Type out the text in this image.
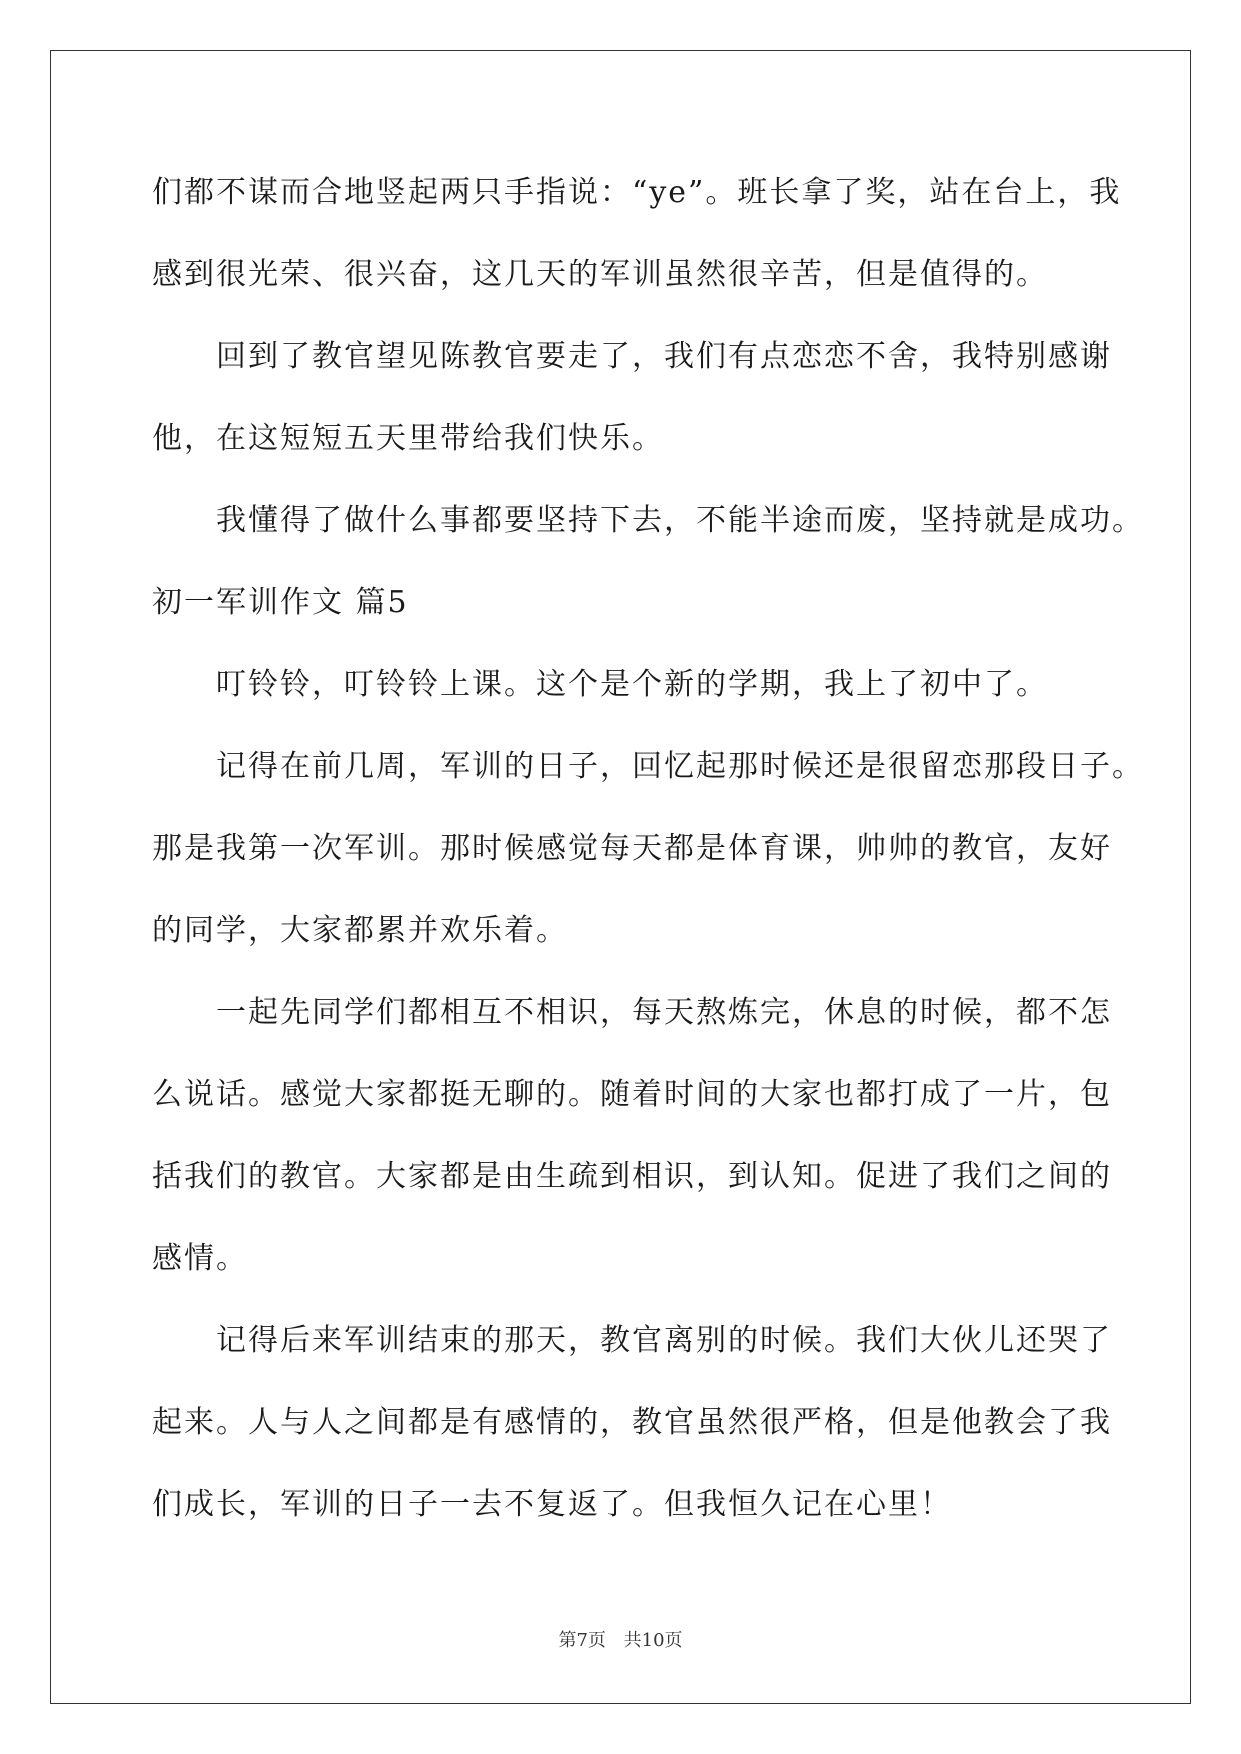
们都不谋而合地竖起两只手指说：“ye”。班长拿了奖，站在台上，我
感到很光荣、很兴奋，这几天的军训虽然很辛苦，但是值得的。
回到了教官望见陈教官要走了，我们有点恋恋不舍，我特别感谢
他，在这短短五天里带给我们快乐。
我懂得了做什么事都要坚持下去，不能半途而废，坚持就是成功。
初一军训作文 篇5
叮铃铃，叮铃铃上课。这个是个新的学期，我上了初中了。
记得在前几周，军训的日子，回忆起那时候还是很留恋那段日子。
那是我第一次军训。那时候感觉每天都是体育课，帅帅的教官，友好
的同学，大家都累并欢乐着。
一起先同学们都相互不相识，每天熬炼完，休息的时候，都不怎
么说话。感觉大家都挺无聊的。随着时间的大家也都打成了一片，包
括我们的教官。大家都是由生疏到相识，到认知。促进了我们之间的
感情。
记得后来军训结束的那天，教官离别的时候。我们大伙儿还哭了
起来。人与人之间都是有感情的，教官虽然很严格，但是他教会了我
们成长，军训的日子一去不复返了。但我恒久记在心里！
第7页 共10页
